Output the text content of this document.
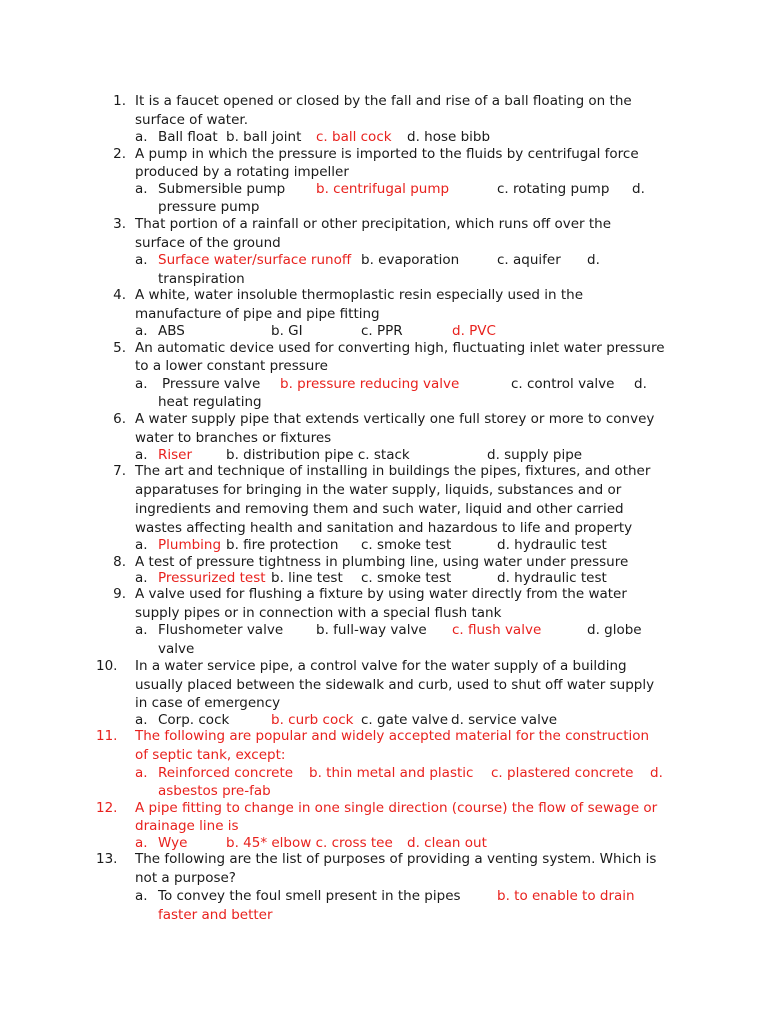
1. It is a faucet opened or closed by the fall and rise of a ball floating on the
surface of water.
a. Ball float b. ball joint c. ball cock d. hose bibb
2. A pump in which the pressure is imported to the fluids by centrifugal force
produced by a rotating impeller
a. Submersible pump b. centrifugal pump	c. rotating pump d.
pressure pump
3. That portion of a rainfall or other precipitation, which runs off over the
surface of the ground
a. Surface water/surface runoff b. evaporation	c. aquifer d.
transpiration
4. A white, water insoluble thermoplastic resin especially used in the
manufacture of pipe and pipe fitting
a. ABS	b. GI	c. PPR	d. PVC
5. An automatic device used for converting high, fluctuating inlet water pressure
to a lower constant pressure
a. Pressure valve b. pressure reducing valve	c. control valve d.
heat regulating
6. A water supply pipe that extends vertically one full storey or more to convey
water to branches or fixtures
a. Riser	b. distribution pipe c. stack	d. supply pipe
7. The art and technique of installing in buildings the pipes, fixtures, and other
apparatuses for bringing in the water supply, liquids, substances and or
ingredients and removing them and such water, liquid and other carried
wastes affecting health and sanitation and hazardous to life and property
a. Plumbing b. fire protection c. smoke test	d. hydraulic test
8. A test of pressure tightness in plumbing line, using water under pressure
a. Pressurized test b. line test c. smoke test	d. hydraulic test
9. A valve used for flushing a fixture by using water directly from the water
supply pipes or in connection with a special flush tank
a. Flushometer valve b. full-way valve c. flush valve	d. globe
valve
10.	In a water service pipe, a control valve for the water supply of a building
usually placed between the sidewalk and curb, used to shut off water supply
in case of emergency
a. Corp. cock	b. curb cock c. gate valve d. service valve
11.	The following are popular and widely accepted material for the construction
of septic tank, except:
a. Reinforced concrete b. thin metal and plastic c. plastered concrete d.
asbestos pre-fab
12.	A pipe fitting to change in one single direction (course) the flow of sewage or
drainage line is
a. Wye	b. 45* elbow c. cross tee d. clean out
13.	The following are the list of purposes of providing a venting system. Which is
not a purpose?
a. To convey the foul smell present in the pipes	b. to enable to drain
faster and better
